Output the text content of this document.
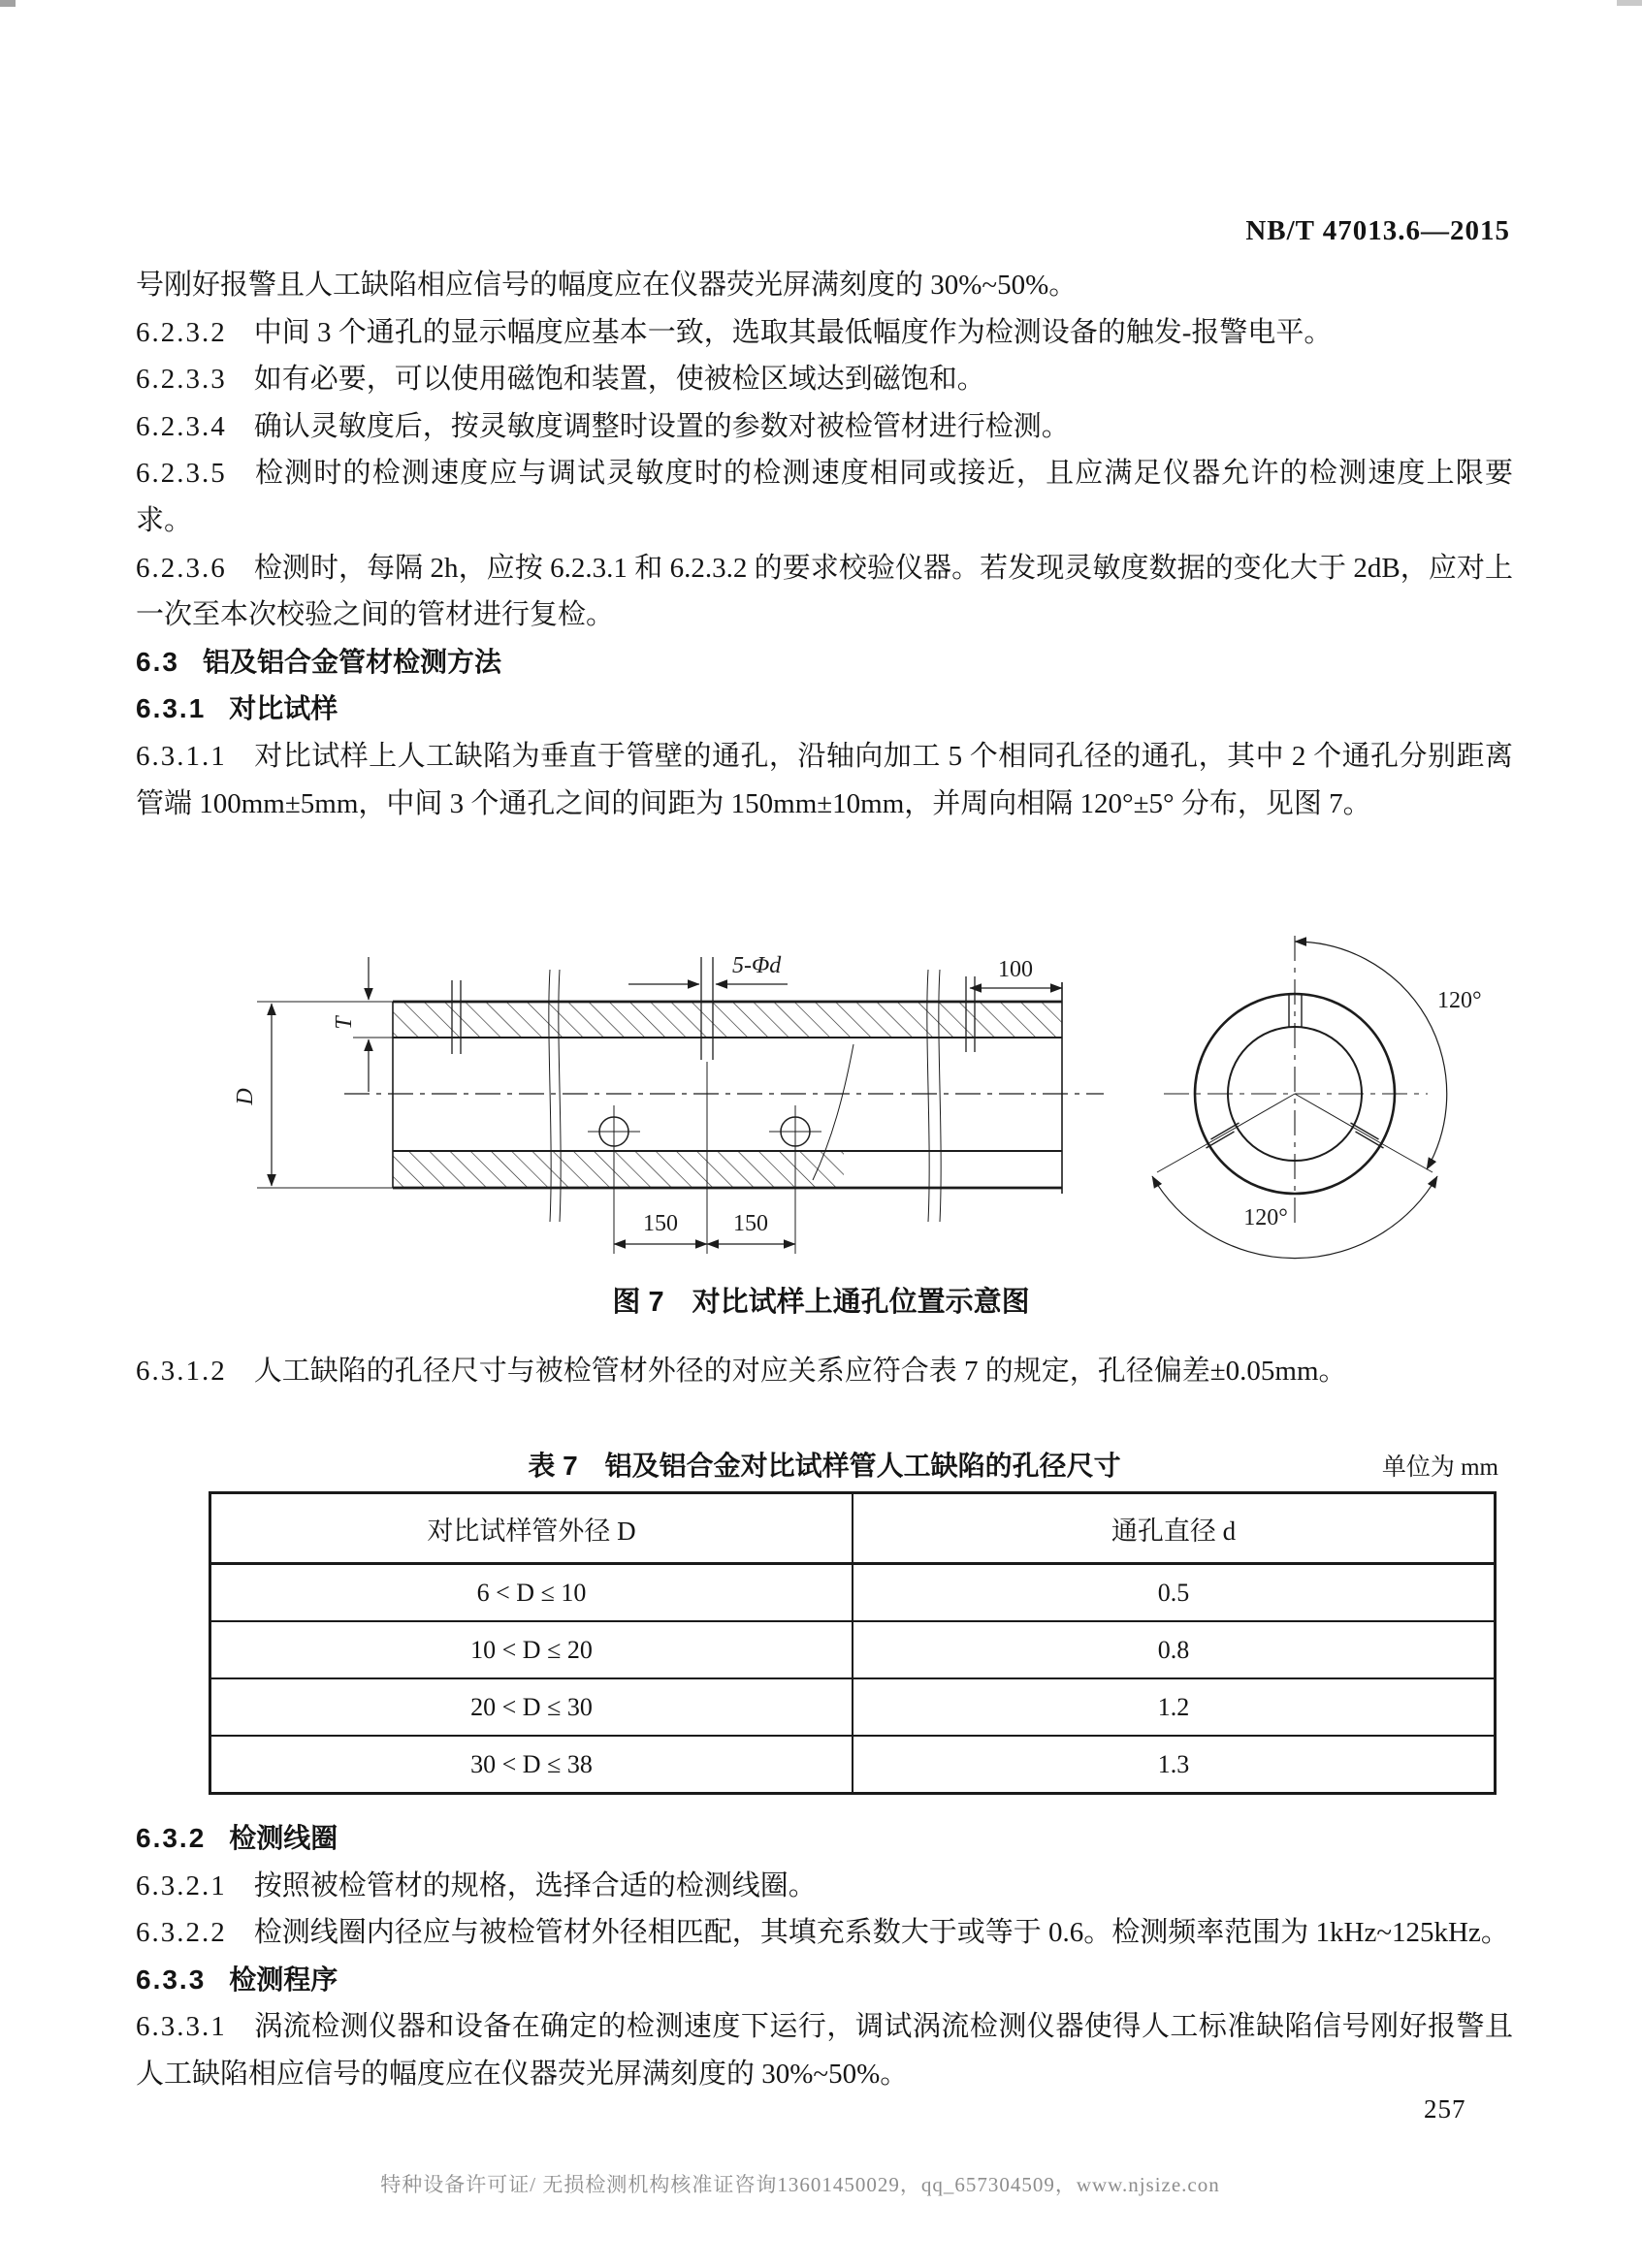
NB/T 47013.6—2015

号刚好报警且人工缺陷相应信号的幅度应在仪器荧光屏满刻度的 30%~50%。

6.2.3.2 中间 3 个通孔的显示幅度应基本一致，选取其最低幅度作为检测设备的触发-报警电平。

6.2.3.3 如有必要，可以使用磁饱和装置，使被检区域达到磁饱和。

6.2.3.4 确认灵敏度后，按灵敏度调整时设置的参数对被检管材进行检测。

6.2.3.5 检测时的检测速度应与调试灵敏度时的检测速度相同或接近，且应满足仪器允许的检测速度上限要求。

6.2.3.6 检测时，每隔 2h，应按 6.2.3.1 和 6.2.3.2 的要求校验仪器。若发现灵敏度数据的变化大于 2dB，应对上一次至本次校验之间的管材进行复检。

6.3 铝及铝合金管材检测方法

6.3.1 对比试样

6.3.1.1 对比试样上人工缺陷为垂直于管壁的通孔，沿轴向加工 5 个相同孔径的通孔，其中 2 个通孔分别距离管端 100mm±5mm，中间 3 个通孔之间的间距为 150mm±10mm，并周向相隔 120°±5° 分布，见图 7。

5-Φd	100
150 150
T
D
120°
120°
图 7　对比试样上通孔位置示意图

6.3.1.2 人工缺陷的孔径尺寸与被检管材外径的对应关系应符合表 7 的规定，孔径偏差±0.05mm。

表 7　铝及铝合金对比试样管人工缺陷的孔径尺寸	单位为 mm
对比试样管外径 D	通孔直径 d
6 < D ≤ 10	0.5
10 < D ≤ 20	0.8
20 < D ≤ 30	1.2
30 < D ≤ 38	1.3

6.3.2 检测线圈

6.3.2.1 按照被检管材的规格，选择合适的检测线圈。

6.3.2.2 检测线圈内径应与被检管材外径相匹配，其填充系数大于或等于 0.6。检测频率范围为 1kHz~125kHz。

6.3.3 检测程序

6.3.3.1 涡流检测仪器和设备在确定的检测速度下运行，调试涡流检测仪器使得人工标准缺陷信号刚好报警且人工缺陷相应信号的幅度应在仪器荧光屏满刻度的 30%~50%。

257
特种设备许可证/ 无损检测机构核准证咨询13601450029，qq_657304509，www.njsize.con
